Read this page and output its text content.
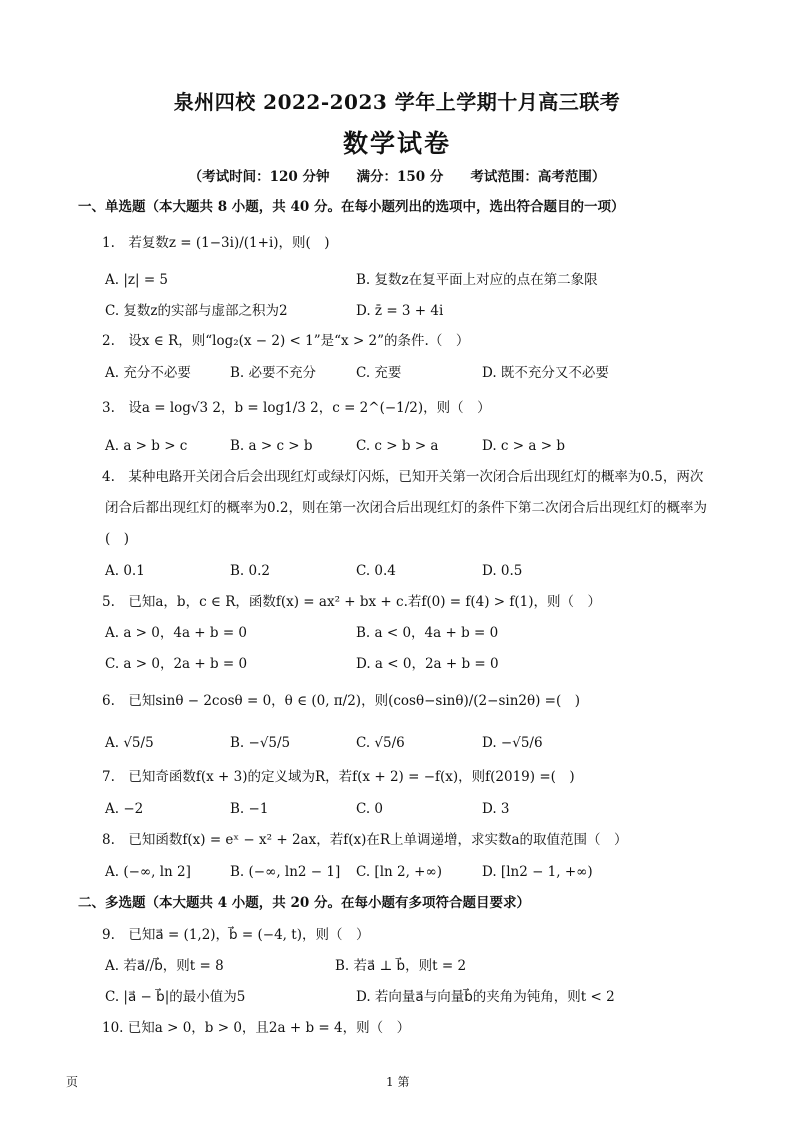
泉州四校 2022-2023 学年上学期十月高三联考
数学试卷
（考试时间：120 分钟　　满分：150 分　　考试范围：高考范围）
一、单选题（本大题共 8 小题，共 40 分。在每小题列出的选项中，选出符合题目的一项）
1.　若复数z = (1−3i)/(1+i)，则(　)
A. |z| = 5	B. 复数z在复平面上对应的点在第二象限
C. 复数z的实部与虚部之积为2	D. z̄ = 3 + 4i
2.　设x ∈ R，则“log₂(x − 2) < 1”是“x > 2”的条件.（　）
A. 充分不必要	B. 必要不充分	C. 充要	D. 既不充分又不必要
3.　设a = log√3 2，b = log1/3 2，c = 2^(−1/2)，则（　）
A. a > b > c	B. a > c > b	C. c > b > a	D. c > a > b
4.　某种电路开关闭合后会出现红灯或绿灯闪烁，已知开关第一次闭合后出现红灯的概率为0.5，两次
闭合后都出现红灯的概率为0.2，则在第一次闭合后出现红灯的条件下第二次闭合后出现红灯的概率为
(　)
A. 0.1	B. 0.2	C. 0.4	D. 0.5
5.　已知a，b，c ∈ R，函数f(x) = ax² + bx + c.若f(0) = f(4) > f(1)，则（　）
A. a > 0，4a + b = 0	B. a < 0，4a + b = 0
C. a > 0，2a + b = 0	D. a < 0，2a + b = 0
6.　已知sinθ − 2cosθ = 0，θ ∈ (0, π/2)，则(cosθ−sinθ)/(2−sin2θ) =(　)
A. √5/5	B. −√5/5	C. √5/6	D. −√5/6
7.　已知奇函数f(x + 3)的定义域为R，若f(x + 2) = −f(x)，则f(2019) =(　)
A. −2	B. −1	C. 0	D. 3
8.　已知函数f(x) = eˣ − x² + 2ax，若f(x)在R上单调递增，求实数a的取值范围（　）
A. (−∞, ln 2]	B. (−∞, ln2 − 1] C. [ln 2, +∞)	D. [ln2 − 1, +∞)
二、多选题（本大题共 4 小题，共 20 分。在每小题有多项符合题目要求）
9.　已知a⃗ = (1,2)，b⃗ = (−4, t)，则（　）
A. 若a⃗//b⃗，则t = 8	B. 若a⃗ ⊥ b⃗，则t = 2
C. |a⃗ − b⃗|的最小值为5	D. 若向量a⃗与向量b⃗的夹角为钝角，则t < 2
10. 已知a > 0，b > 0，且2a + b = 4，则（　）
页	1 第
